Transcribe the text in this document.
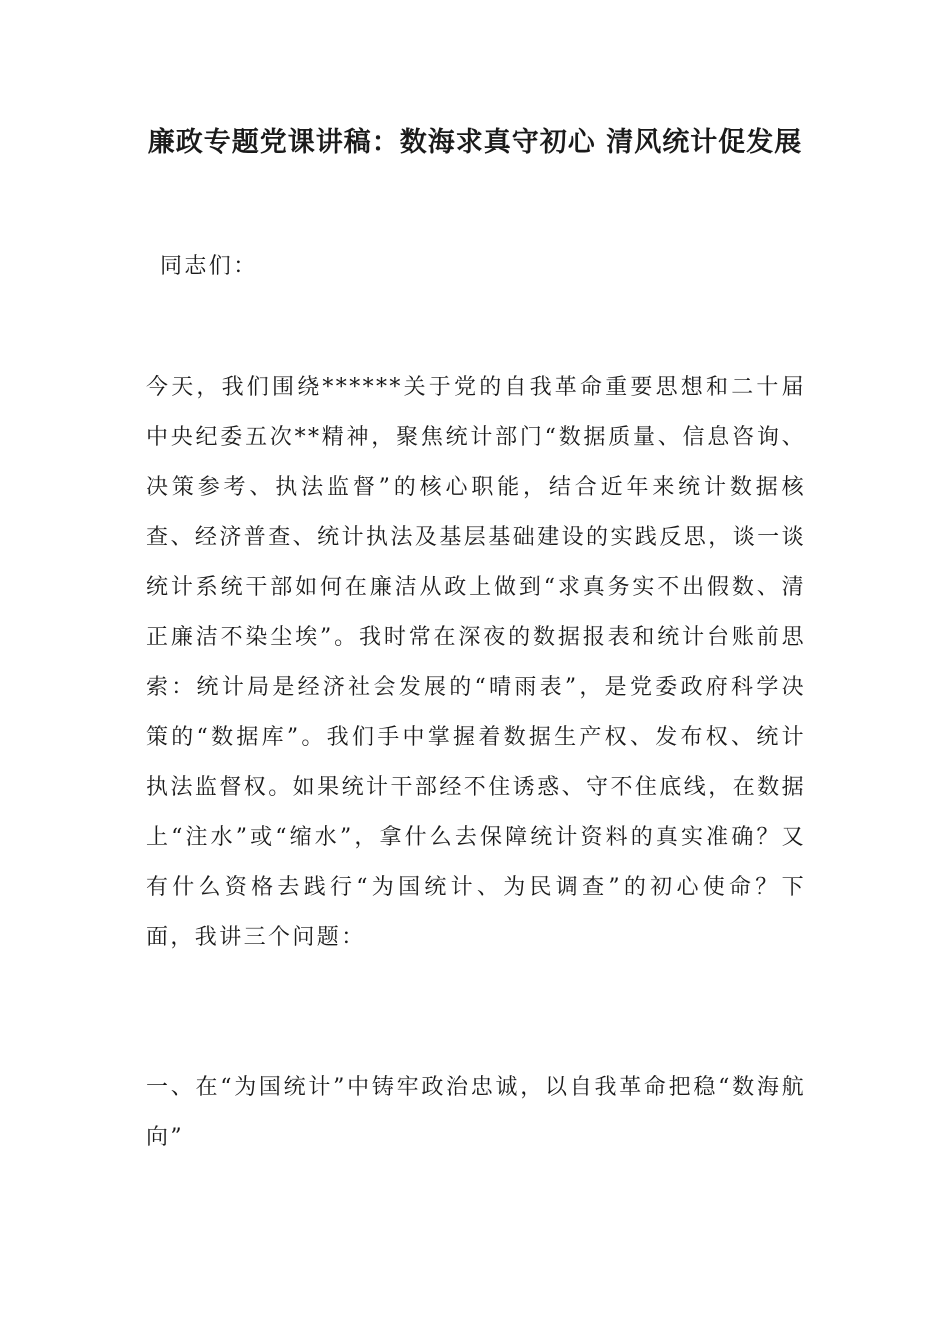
廉政专题党课讲稿：数海求真守初心 清风统计促发展

同志们：

今天，我们围绕******关于党的自我革命重要思想和二十届中央纪委五次**精神，聚焦统计部门“数据质量、信息咨询、决策参考、执法监督”的核心职能，结合近年来统计数据核查、经济普查、统计执法及基层基础建设的实践反思，谈一谈统计系统干部如何在廉洁从政上做到“求真务实不出假数、清正廉洁不染尘埃”。我时常在深夜的数据报表和统计台账前思索：统计局是经济社会发展的“晴雨表”，是党委政府科学决策的“数据库”。我们手中掌握着数据生产权、发布权、统计执法监督权。如果统计干部经不住诱惑、守不住底线，在数据上“注水”或“缩水”，拿什么去保障统计资料的真实准确？又有什么资格去践行“为国统计、为民调查”的初心使命？下面，我讲三个问题：

一、在“为国统计”中铸牢政治忠诚，以自我革命把稳“数海航向”
